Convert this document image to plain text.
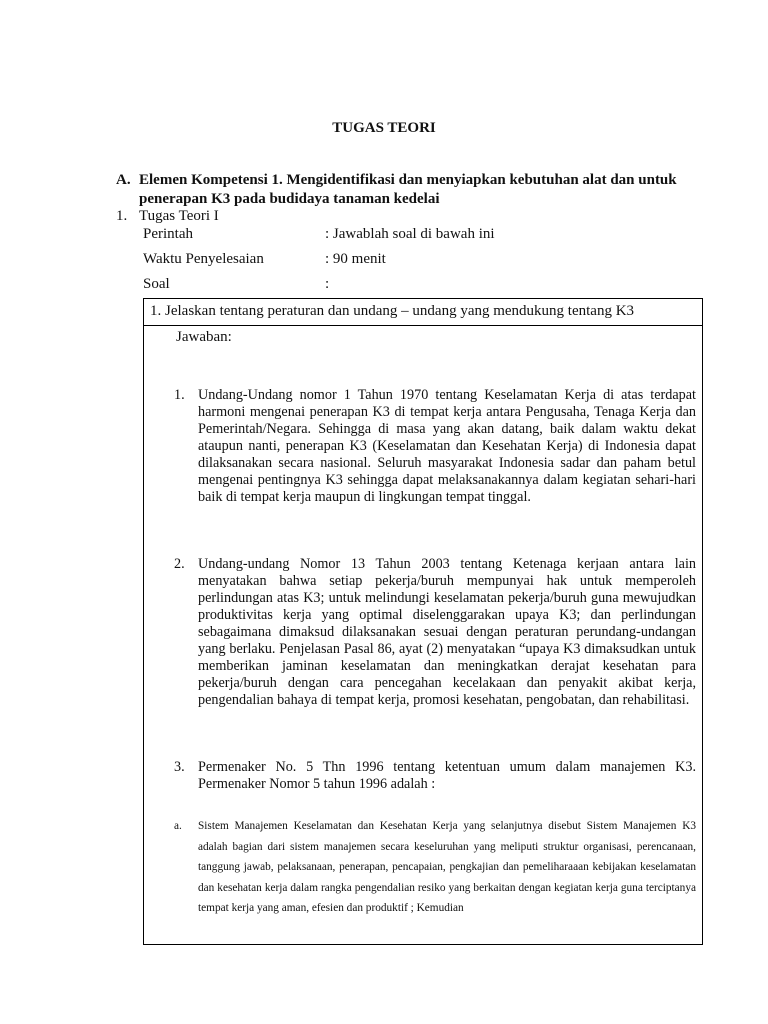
TUGAS TEORI
A. Elemen Kompetensi 1. Mengidentifikasi dan menyiapkan kebutuhan alat dan untuk penerapan K3 pada budidaya tanaman kedelai
1. Tugas Teori I
Perintah	: Jawablah soal di bawah ini
Waktu Penyelesaian	: 90 menit
Soal	:
1. Jelaskan tentang peraturan dan undang – undang yang mendukung tentang K3
Jawaban:
1. Undang-Undang nomor 1 Tahun 1970 tentang Keselamatan Kerja di atas terdapat harmoni mengenai penerapan K3 di tempat kerja antara Pengusaha, Tenaga Kerja dan Pemerintah/Negara. Sehingga di masa yang akan datang, baik dalam waktu dekat ataupun nanti, penerapan K3 (Keselamatan dan Kesehatan Kerja) di Indonesia dapat dilaksanakan secara nasional. Seluruh masyarakat Indonesia sadar dan paham betul mengenai pentingnya K3 sehingga dapat melaksanakannya dalam kegiatan sehari-hari baik di tempat kerja maupun di lingkungan tempat tinggal.
2. Undang-undang Nomor 13 Tahun 2003 tentang Ketenaga kerjaan antara lain menyatakan bahwa setiap pekerja/buruh mempunyai hak untuk memperoleh perlindungan atas K3; untuk melindungi keselamatan pekerja/buruh guna mewujudkan produktivitas kerja yang optimal diselenggarakan upaya K3; dan perlindungan sebagaimana dimaksud dilaksanakan sesuai dengan peraturan perundang-undangan yang berlaku. Penjelasan Pasal 86, ayat (2) menyatakan “upaya K3 dimaksudkan untuk memberikan jaminan keselamatan dan meningkatkan derajat kesehatan para pekerja/buruh dengan cara pencegahan kecelakaan dan penyakit akibat kerja, pengendalian bahaya di tempat kerja, promosi kesehatan, pengobatan, dan rehabilitasi.
3. Permenaker No. 5 Thn 1996 tentang ketentuan umum dalam manajemen K3. Permenaker Nomor 5 tahun 1996 adalah :
a. Sistem Manajemen Keselamatan dan Kesehatan Kerja yang selanjutnya disebut Sistem Manajemen K3 adalah bagian dari sistem manajemen secara keseluruhan yang meliputi struktur organisasi, perencanaan, tanggung jawab, pelaksanaan, penerapan, pencapaian, pengkajian dan pemeliharaaan kebijakan keselamatan dan kesehatan kerja dalam rangka pengendalian resiko yang berkaitan dengan kegiatan kerja guna terciptanya tempat kerja yang aman, efesien dan produktif ; Kemudian
